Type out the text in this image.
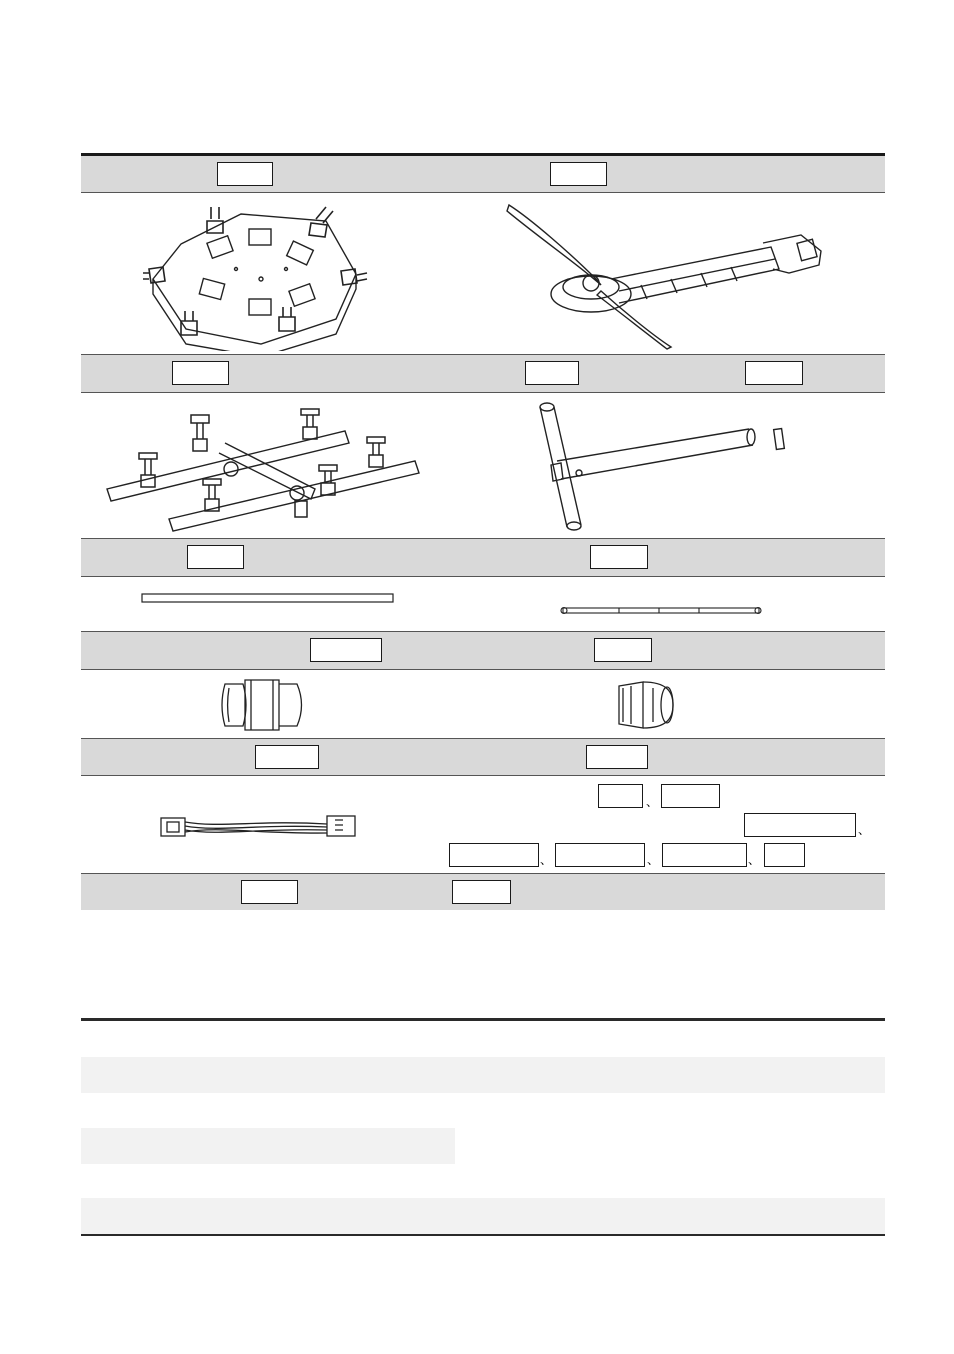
、
、
、	、	、
